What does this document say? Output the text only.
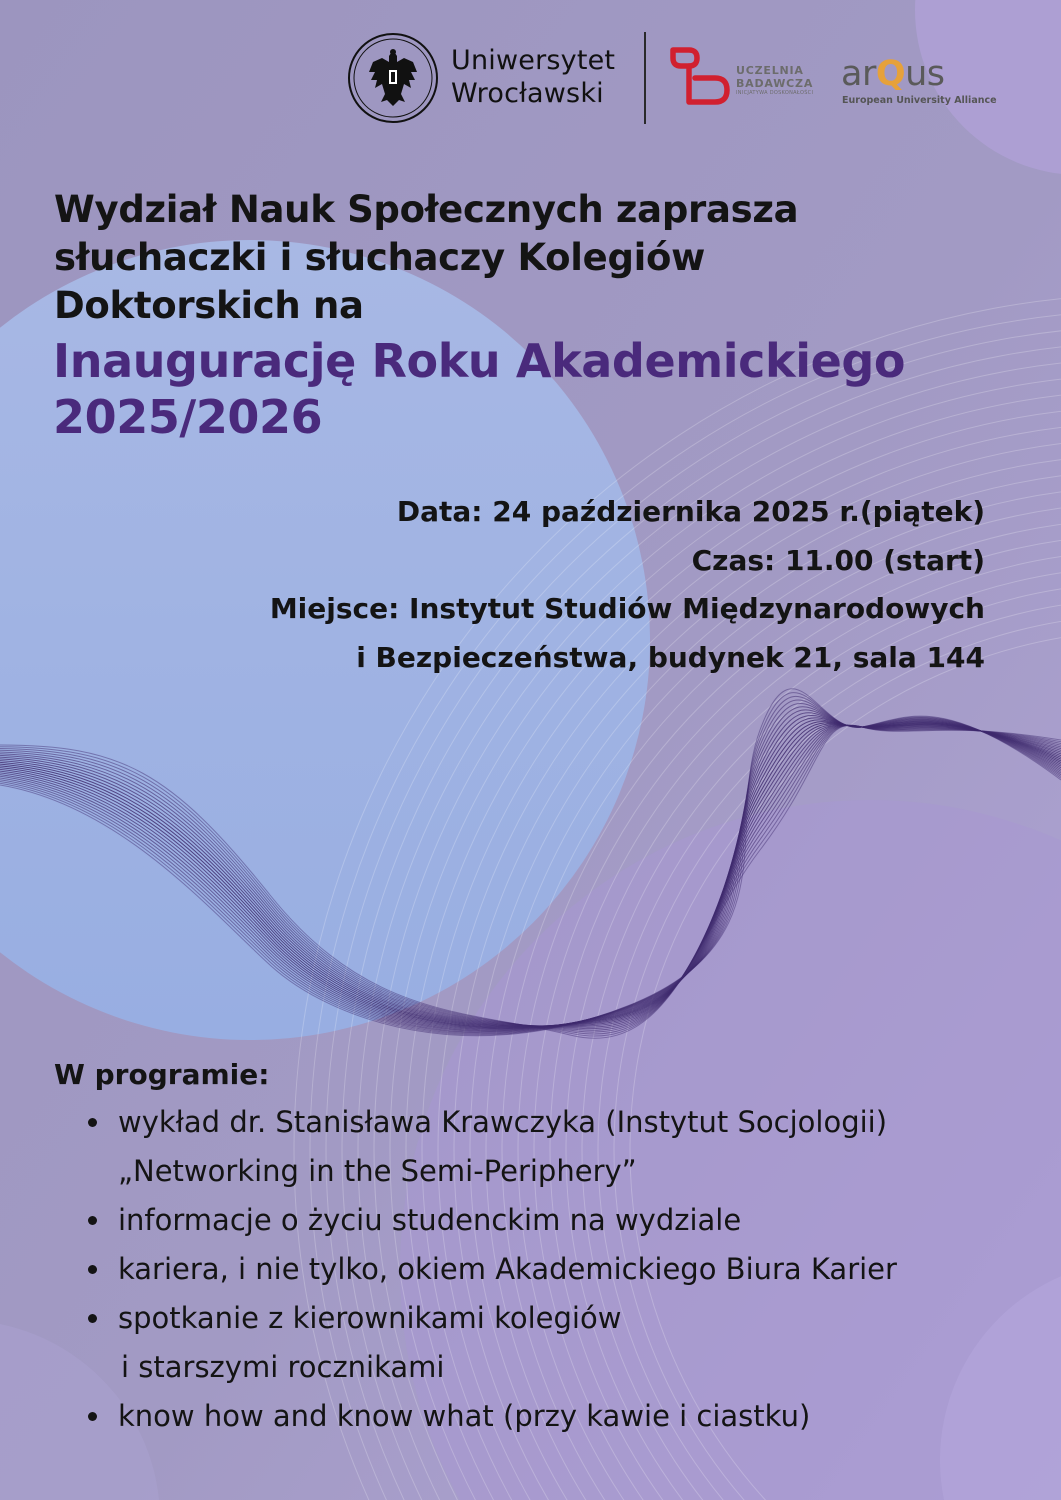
Uniwersytet
Wrocławski
UCZELNIA
BADAWCZA
INICJATYWA DOSKONAŁOŚCI arQus
European University Alliance
Wydział Nauk Społecznych zaprasza
słuchaczki i słuchaczy Kolegiów
Doktorskich na
Inaugurację Roku Akademickiego
2025/2026
Data: 24 października 2025 r.(piątek)
Czas: 11.00 (start)
Miejsce: Instytut Studiów Międzynarodowych
i Bezpieczeństwa, budynek 21, sala 144
W programie:
wykład dr. Stanisława Krawczyka (Instytut Socjologii)
„Networking in the Semi-Periphery”
informacje o życiu studenckim na wydziale
kariera, i nie tylko, okiem Akademickiego Biura Karier
spotkanie z kierownikami kolegiów
i starszymi rocznikami
know how and know what (przy kawie i ciastku)
